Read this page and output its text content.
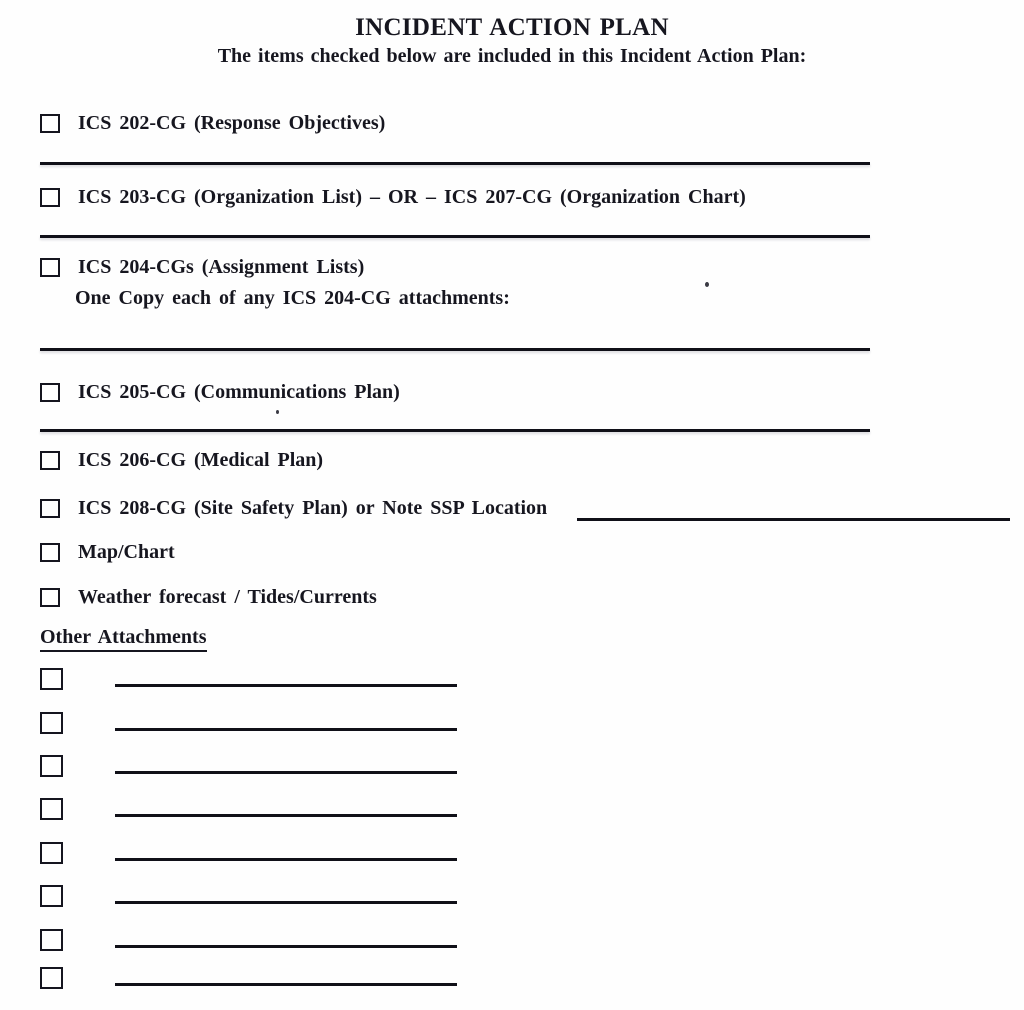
INCIDENT ACTION PLAN
The items checked below are included in this Incident Action Plan:
ICS 202-CG (Response Objectives)
ICS 203-CG (Organization List) – OR – ICS 207-CG (Organization Chart)
ICS 204-CGs (Assignment Lists)
One Copy each of any ICS 204-CG attachments:
ICS 205-CG (Communications Plan)
ICS 206-CG (Medical Plan)
ICS 208-CG (Site Safety Plan) or Note SSP Location
Map/Chart
Weather forecast / Tides/Currents
Other Attachments
